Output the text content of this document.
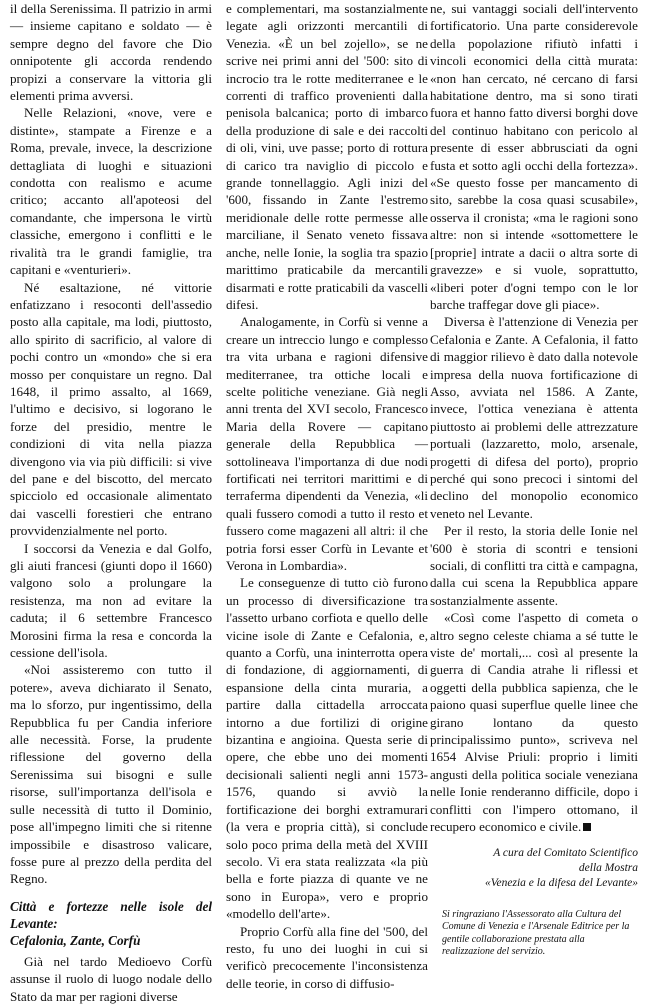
il della Serenissima. Il patrizio in armi — insieme capitano e soldato — è sempre degno del favore che Dio onnipotente gli accorda rendendo propizi a conservare la vittoria gli elementi prima avversi.

Nelle Relazioni, «nove, vere e distinte», stampate a Firenze e a Roma, prevale, invece, la descrizione dettagliata di luoghi e situazioni condotta con realismo e acume critico; accanto all'apoteosi del comandante, che impersona le virtù classiche, emergono i conflitti e le rivalità tra le grandi famiglie, tra capitani e «venturieri».

Né esaltazione, né vittorie enfatizzano i resoconti dell'assedio posto alla capitale, ma lodi, piuttosto, allo spirito di sacrificio, al valore di pochi contro un «mondo» che si era mosso per conquistare un regno. Dal 1648, il primo assalto, al 1669, l'ultimo e decisivo, si logorano le forze del presidio, mentre le condizioni di vita nella piazza divengono via via più difficili: si vive del pane e del biscotto, del mercato spicciolo ed occasionale alimentato dai vascelli forestieri che entrano provvidenzialmente nel porto.

I soccorsi da Venezia e dal Golfo, gli aiuti francesi (giunti dopo il 1660) valgono solo a prolungare la resistenza, ma non ad evitare la caduta; il 6 settembre Francesco Morosini firma la resa e concorda la cessione dell'isola.

«Noi assisteremo con tutto il potere», aveva dichiarato il Senato, ma lo sforzo, pur ingentissimo, della Repubblica fu per Candia inferiore alle necessità. Forse, la prudente riflessione del governo della Serenissima sui bisogni e sulle risorse, sull'importanza dell'isola e sulle necessità di tutto il Dominio, pose all'impegno limiti che si ritenne impossibile e disastroso valicare, fosse pure al prezzo della perdita del Regno.

Città e fortezze nelle isole del Levante:
Cefalonia, Zante, Corfù

Già nel tardo Medioevo Corfù assunse il ruolo di luogo nodale dello Stato da mar per ragioni diverse

e complementari, ma sostanzialmente legate agli orizzonti mercantili di Venezia. «È un bel zojello», se ne scrive nei primi anni del '500: sito di incrocio tra le rotte mediterranee e le correnti di traffico provenienti dalla penisola balcanica; porto di imbarco della produzione di sale e dei raccolti di oli, vini, uve passe; porto di rottura di carico tra naviglio di piccolo e grande tonnellaggio. Agli inizi del '600, fissando in Zante l'estremo meridionale delle rotte permesse alle marciliane, il Senato veneto fissava anche, nelle Ionie, la soglia tra spazio marittimo praticabile da mercantili disarmati e rotte praticabili da vascelli difesi.

Analogamente, in Corfù si venne a creare un intreccio lungo e complesso tra vita urbana e ragioni difensive mediterranee, tra ottiche locali e scelte politiche veneziane. Già negli anni trenta del XVI secolo, Francesco Maria della Rovere — capitano generale della Repubblica — sottolineava l'importanza di due nodi fortificati nei territori marittimi e di terraferma dipendenti da Venezia, «li quali fussero comodi a tutto il resto et fussero come magazeni all altri: il che potria forsi esser Corfù in Levante et Verona in Lombardia».

Le conseguenze di tutto ciò furono un processo di diversificazione tra l'assetto urbano corfiota e quello delle vicine isole di Zante e Cefalonia, e, quanto a Corfù, una ininterrotta opera di fondazione, di aggiornamenti, di espansione della cinta muraria, a partire dalla cittadella arroccata intorno a due fortilizi di origine bizantina e angioina. Questa serie di opere, che ebbe uno dei momenti decisionali salienti negli anni 1573-1576, quando si avviò la fortificazione dei borghi extramurari (la vera e propria città), si conclude solo poco prima della metà del XVIII secolo. Vi era stata realizzata «la più bella e forte piazza di quante ve ne sono in Europa», vero e proprio «modello dell'arte».

Proprio Corfù alla fine del '500, del resto, fu uno dei luoghi in cui si verificò precocemente l'inconsistenza delle teorie, in corso di diffusio-

ne, sui vantaggi sociali dell'intervento fortificatorio. Una parte considerevole della popolazione rifiutò infatti i vincoli economici della città murata: «non han cercato, né cercano di farsi habitatione dentro, ma si sono tirati fuora et hanno fatto diversi borghi dove del continuo habitano con pericolo al presente di esser abbrusciati da ogni fusta et sotto agli occhi della fortezza». «Se questo fosse per mancamento di sito, sarebbe la cosa quasi scusabile», osserva il cronista; «ma le ragioni sono altre: non si intende «sottomettere le [proprie] intrate a dacii o altra sorte di gravezze» e si vuole, soprattutto, «liberi poter d'ogni tempo con le lor barche traffegar dove gli piace».

Diversa è l'attenzione di Venezia per Cefalonia e Zante. A Cefalonia, il fatto di maggior rilievo è dato dalla notevole impresa della nuova fortificazione di Asso, avviata nel 1586. A Zante, invece, l'ottica veneziana è attenta piuttosto ai problemi delle attrezzature portuali (lazzaretto, molo, arsenale, progetti di difesa del porto), proprio perché qui sono precoci i sintomi del declino del monopolio economico veneto nel Levante.

Per il resto, la storia delle Ionie nel '600 è storia di scontri e tensioni sociali, di conflitti tra città e campagna, dalla cui scena la Repubblica appare sostanzialmente assente.

«Così come l'aspetto di cometa o altro segno celeste chiama a sé tutte le viste de' mortali,... così al presente la guerra di Candia atrahe li riflessi et oggetti della pubblica sapienza, che le paiono quasi superflue quelle linee che girano lontano da questo principalissimo punto», scriveva nel 1654 Alvise Priuli: proprio i limiti angusti della politica sociale veneziana nelle Ionie renderanno difficile, dopo i conflitti con l'impero ottomano, il recupero economico e civile.

A cura del Comitato Scientifico
della Mostra
«Venezia e la difesa del Levante»
Si ringraziano l'Assessorato alla Cultura del Comune di Venezia e l'Arsenale Editrice per la gentile collaborazione prestata alla realizzazione del servizio.
